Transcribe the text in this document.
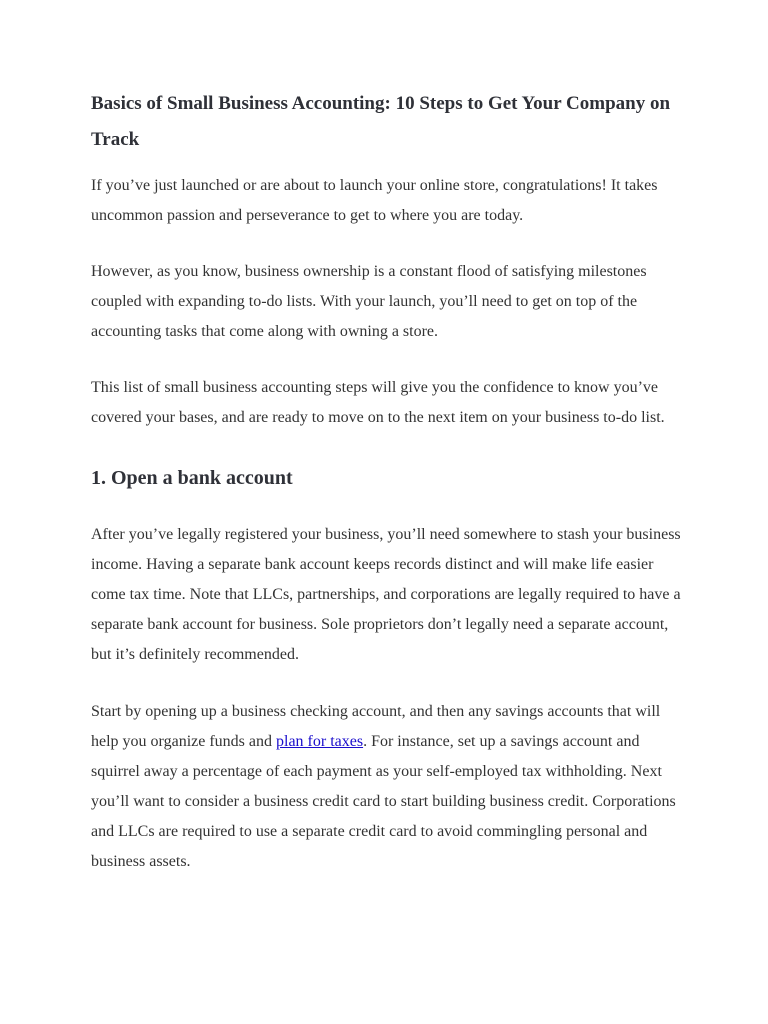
Basics of Small Business Accounting: 10 Steps to Get Your Company on Track

If you’ve just launched or are about to launch your online store, congratulations! It takes uncommon passion and perseverance to get to where you are today.

However, as you know, business ownership is a constant flood of satisfying milestones coupled with expanding to-do lists. With your launch, you’ll need to get on top of the accounting tasks that come along with owning a store.

This list of small business accounting steps will give you the confidence to know you’ve covered your bases, and are ready to move on to the next item on your business to-do list.

1. Open a bank account

After you’ve legally registered your business, you’ll need somewhere to stash your business income. Having a separate bank account keeps records distinct and will make life easier come tax time. Note that LLCs, partnerships, and corporations are legally required to have a separate bank account for business. Sole proprietors don’t legally need a separate account, but it’s definitely recommended.

Start by opening up a business checking account, and then any savings accounts that will help you organize funds and plan for taxes. For instance, set up a savings account and squirrel away a percentage of each payment as your self-employed tax withholding. Next you’ll want to consider a business credit card to start building business credit. Corporations and LLCs are required to use a separate credit card to avoid commingling personal and business assets.
